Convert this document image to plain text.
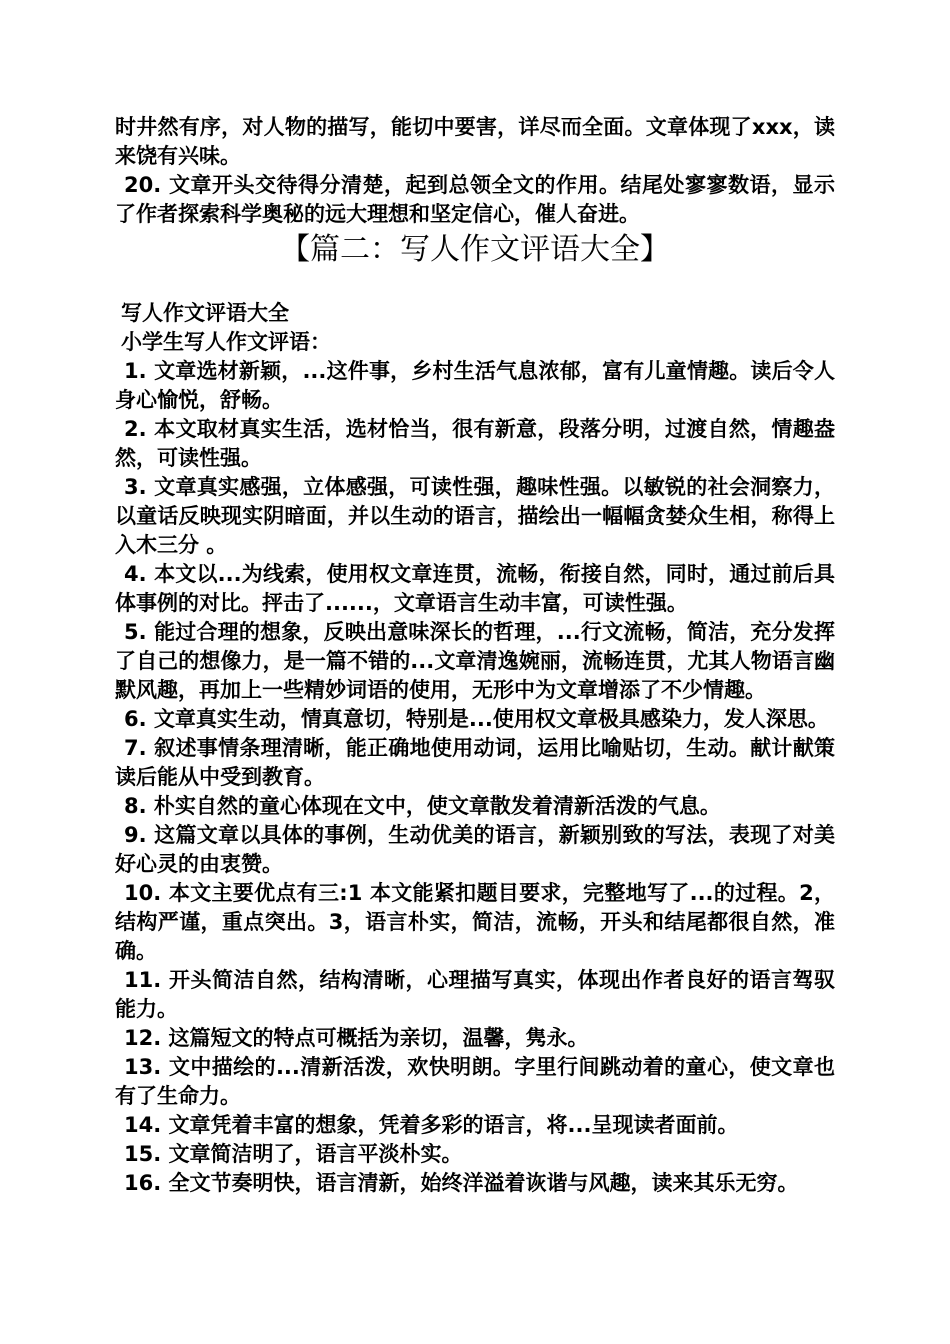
时井然有序，对人物的描写，能切中要害，详尽而全面。文章体现了xxx，读来饶有兴味。

20. 文章开头交待得分清楚，起到总领全文的作用。结尾处寥寥数语，显示了作者探索科学奥秘的远大理想和坚定信心，催人奋进。

【篇二：写人作文评语大全】

写人作文评语大全

小学生写人作文评语：

1. 文章选材新颖，...这件事，乡村生活气息浓郁，富有儿童情趣。读后令人身心愉悦，舒畅。

2. 本文取材真实生活，选材恰当，很有新意，段落分明，过渡自然，情趣盎然，可读性强。

3. 文章真实感强，立体感强，可读性强，趣味性强。以敏锐的社会洞察力，以童话反映现实阴暗面，并以生动的语言，描绘出一幅幅贪婪众生相，称得上入木三分 。

4. 本文以...为线索，使用权文章连贯，流畅，衔接自然，同时，通过前后具体事例的对比。抨击了......，文章语言生动丰富，可读性强。

5. 能过合理的想象，反映出意味深长的哲理，...行文流畅，简洁，充分发挥了自己的想像力，是一篇不错的...文章清逸婉丽，流畅连贯，尤其人物语言幽默风趣，再加上一些精妙词语的使用，无形中为文章增添了不少情趣。

6. 文章真实生动，情真意切，特别是...使用权文章极具感染力，发人深思。

7. 叙述事情条理清晰，能正确地使用动词，运用比喻贴切，生动。献计献策读后能从中受到教育。

8. 朴实自然的童心体现在文中，使文章散发着清新活泼的气息。

9. 这篇文章以具体的事例，生动优美的语言，新颖别致的写法，表现了对美好心灵的由衷赞。

10. 本文主要优点有三:1 本文能紧扣题目要求，完整地写了...的过程。2，结构严谨，重点突出。3，语言朴实，简洁，流畅，开头和结尾都很自然，准确。

11. 开头简洁自然，结构清晰，心理描写真实，体现出作者良好的语言驾驭能力。

12. 这篇短文的特点可概括为亲切，温馨，隽永。

13. 文中描绘的...清新活泼，欢快明朗。字里行间跳动着的童心，使文章也有了生命力。

14. 文章凭着丰富的想象，凭着多彩的语言，将...呈现读者面前。

15. 文章简洁明了，语言平淡朴实。

16. 全文节奏明快，语言清新，始终洋溢着诙谐与风趣，读来其乐无穷。
